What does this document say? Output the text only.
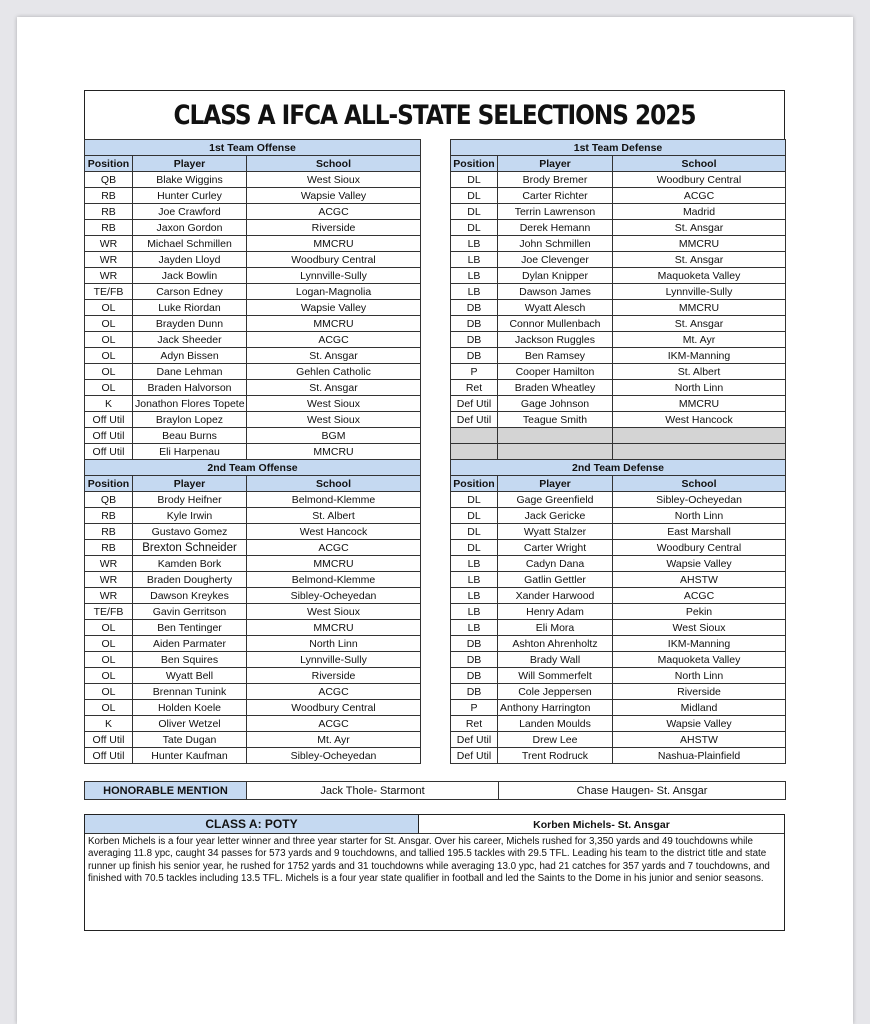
CLASS A IFCA ALL-STATE SELECTIONS 2025
1st Team Offense		
Position	Player	School
QB	Blake Wiggins	West Sioux
RB	Hunter Curley	Wapsie Valley
RB	Joe Crawford	ACGC
RB	Jaxon Gordon	Riverside
WR	Michael Schmillen	MMCRU
WR	Jayden Lloyd	Woodbury Central
WR	Jack Bowlin	Lynnville-Sully
TE/FB	Carson Edney	Logan-Magnolia
OL	Luke Riordan	Wapsie Valley
OL	Brayden Dunn	MMCRU
OL	Jack Sheeder	ACGC
OL	Adyn Bissen	St. Ansgar
OL	Dane Lehman	Gehlen Catholic
OL	Braden Halvorson	St. Ansgar
K	Jonathon Flores Topete	West Sioux
Off Util	Braylon Lopez	West Sioux
Off Util	Beau Burns	BGM
Off Util	Eli Harpenau	MMCRU
1st Team Defense		
Position	Player	School
DL	Brody Bremer	Woodbury Central
DL	Carter Richter	ACGC
DL	Terrin Lawrenson	Madrid
DL	Derek Hemann	St. Ansgar
LB	John Schmillen	MMCRU
LB	Joe Clevenger	St. Ansgar
LB	Dylan Knipper	Maquoketa Valley
LB	Dawson James	Lynnville-Sully
DB	Wyatt Alesch	MMCRU
DB	Connor Mullenbach	St. Ansgar
DB	Jackson Ruggles	Mt. Ayr
DB	Ben Ramsey	IKM-Manning
P	Cooper Hamilton	St. Albert
Ret	Braden Wheatley	North Linn
Def Util	Gage Johnson	MMCRU
Def Util	Teague Smith	West Hancock

2nd Team Offense		
Position	Player	School
QB	Brody Heifner	Belmond-Klemme
RB	Kyle Irwin	St. Albert
RB	Gustavo Gomez	West Hancock
RB	Brexton Schneider	ACGC
WR	Kamden Bork	MMCRU
WR	Braden Dougherty	Belmond-Klemme
WR	Dawson Kreykes	Sibley-Ocheyedan
TE/FB	Gavin Gerritson	West Sioux
OL	Ben Tentinger	MMCRU
OL	Aiden Parmater	North Linn
OL	Ben Squires	Lynnville-Sully
OL	Wyatt Bell	Riverside
OL	Brennan Tunink	ACGC
OL	Holden Koele	Woodbury Central
K	Oliver Wetzel	ACGC
Off Util	Tate Dugan	Mt. Ayr
Off Util	Hunter Kaufman	Sibley-Ocheyedan
2nd Team Defense		
Position	Player	School
DL	Gage Greenfield	Sibley-Ocheyedan
DL	Jack Gericke	North Linn
DL	Wyatt Stalzer	East Marshall
DL	Carter Wright	Woodbury Central
LB	Cadyn Dana	Wapsie Valley
LB	Gatlin Gettler	AHSTW
LB	Xander Harwood	ACGC
LB	Henry Adam	Pekin
LB	Eli Mora	West Sioux
DB	Ashton Ahrenholtz	IKM-Manning
DB	Brady Wall	Maquoketa Valley
DB	Will Sommerfelt	North Linn
DB	Cole Jeppersen	Riverside
P	Anthony Harrington	Midland
Ret	Landen Moulds	Wapsie Valley
Def Util	Drew Lee	AHSTW
Def Util	Trent Rodruck	Nashua-Plainfield
HONORABLE MENTION	Jack Thole- Starmont	Chase Haugen- St. Ansgar
CLASS A: POTY	Korben Michels- St. Ansgar
Korben Michels is a four year letter winner and three year starter for St. Ansgar. Over his career, Michels rushed for 3,350 yards and 49 touchdowns while averaging 11.8 ypc, caught 34 passes for 573 yards and 9 touchdowns, and tallied 195.5 tackles with 29.5 TFL. Leading his team to the district title and state runner up finish his senior year, he rushed for 1752 yards and 31 touchdowns while averaging 13.0 ypc, had 21 catches for 357 yards and 7 touchdowns, and finished with 70.5 tackles including 13.5 TFL. Michels is a four year state qualifier in football and led the Saints to the Dome in his junior and senior seasons.
